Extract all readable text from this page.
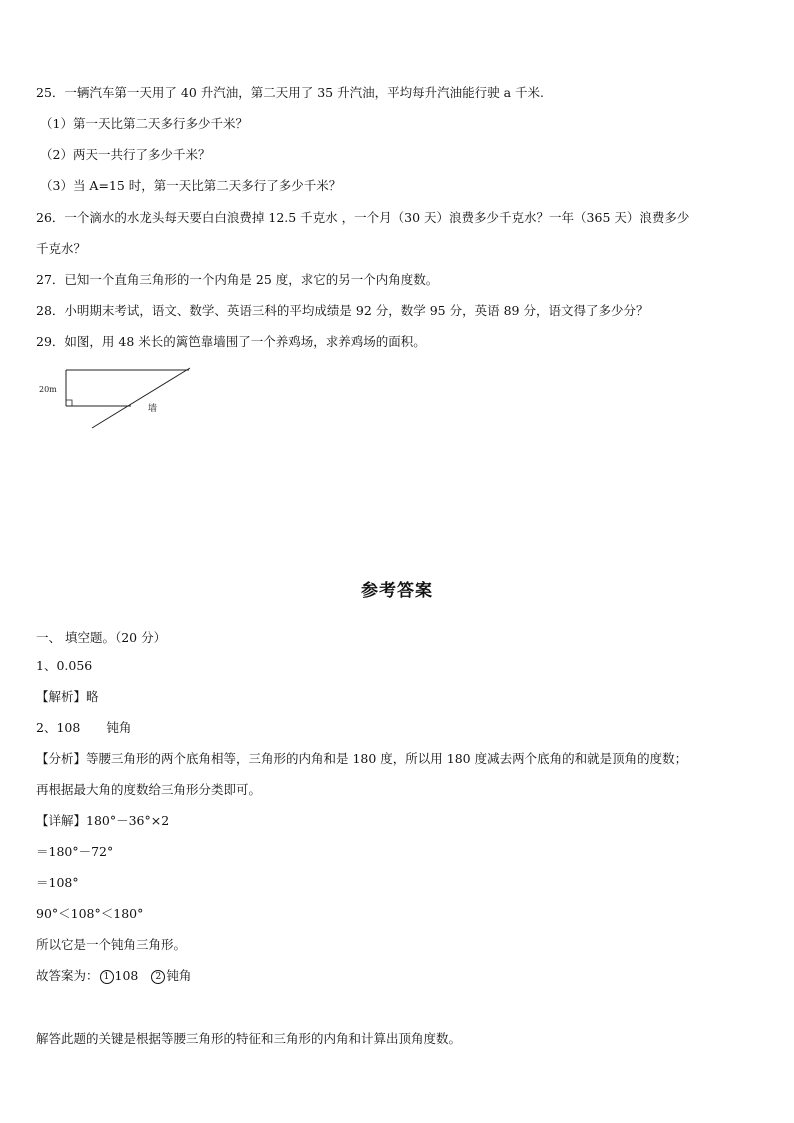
25．一辆汽车第一天用了 40 升汽油，第二天用了 35 升汽油，平均每升汽油能行驶 a 千米.
（1）第一天比第二天多行多少千米？
（2）两天一共行了多少千米？
（3）当 A=15 时，第一天比第二天多行了多少千米？
26．一个滴水的水龙头每天要白白浪费掉 12.5 千克水 ，一个月（30 天）浪费多少千克水？一年（365 天）浪费多少
千克水？
27．已知一个直角三角形的一个内角是 25 度，求它的另一个内角度数。
28．小明期末考试，语文、数学、英语三科的平均成绩是 92 分，数学 95 分，英语 89 分，语文得了多少分？
29．如图，用 48 米长的篱笆靠墙围了一个养鸡场，求养鸡场的面积。
20m
墙
参考答案
一、 填空题。（20 分）
1、0.056
【解析】略
2、108 钝角
【分析】等腰三角形的两个底角相等，三角形的内角和是 180 度，所以用 180 度减去两个底角的和就是顶角的度数；
再根据最大角的度数给三角形分类即可。
【详解】180°－36°×2
＝180°－72°
＝108°
90°＜108°＜180°
所以它是一个钝角三角形。
故答案为： 1 108 2 钝角
解答此题的关键是根据等腰三角形的特征和三角形的内角和计算出顶角度数。
